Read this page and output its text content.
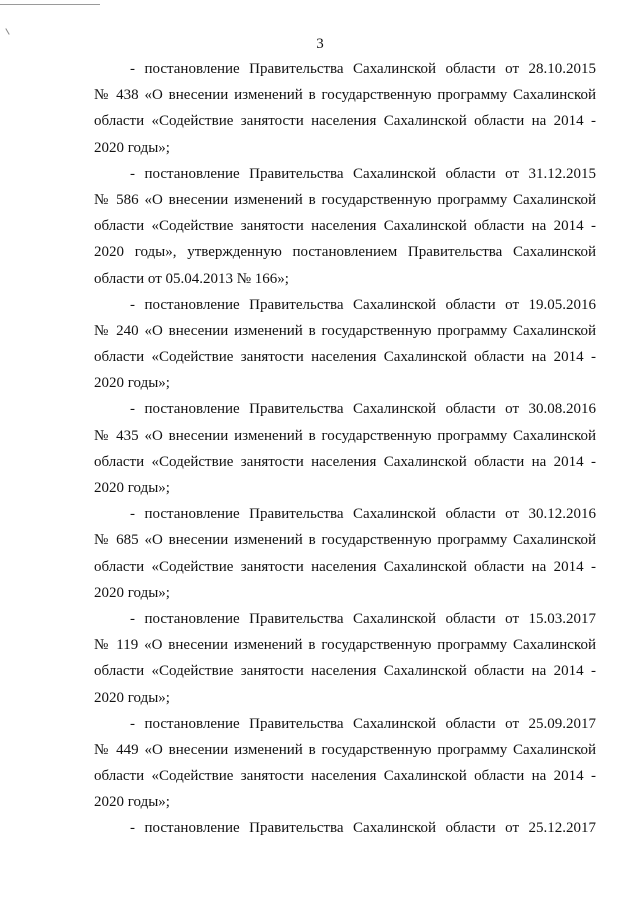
3
- постановление Правительства Сахалинской области от 28.10.2015
№ 438 «О внесении изменений в государственную программу Сахалинской
области «Содействие занятости населения Сахалинской области на 2014 -
2020 годы»;
- постановление Правительства Сахалинской области от 31.12.2015
№ 586 «О внесении изменений в государственную программу Сахалинской
области «Содействие занятости населения Сахалинской области на 2014 -
2020 годы», утвержденную постановлением Правительства Сахалинской
области от 05.04.2013 № 166»;
- постановление Правительства Сахалинской области от 19.05.2016
№ 240 «О внесении изменений в государственную программу Сахалинской
области «Содействие занятости населения Сахалинской области на 2014 -
2020 годы»;
- постановление Правительства Сахалинской области от 30.08.2016
№ 435 «О внесении изменений в государственную программу Сахалинской
области «Содействие занятости населения Сахалинской области на 2014 -
2020 годы»;
- постановление Правительства Сахалинской области от 30.12.2016
№ 685 «О внесении изменений в государственную программу Сахалинской
области «Содействие занятости населения Сахалинской области на 2014 -
2020 годы»;
- постановление Правительства Сахалинской области от 15.03.2017
№ 119 «О внесении изменений в государственную программу Сахалинской
области «Содействие занятости населения Сахалинской области на 2014 -
2020 годы»;
- постановление Правительства Сахалинской области от 25.09.2017
№ 449 «О внесении изменений в государственную программу Сахалинской
области «Содействие занятости населения Сахалинской области на 2014 -
2020 годы»;
- постановление Правительства Сахалинской области от 25.12.2017
